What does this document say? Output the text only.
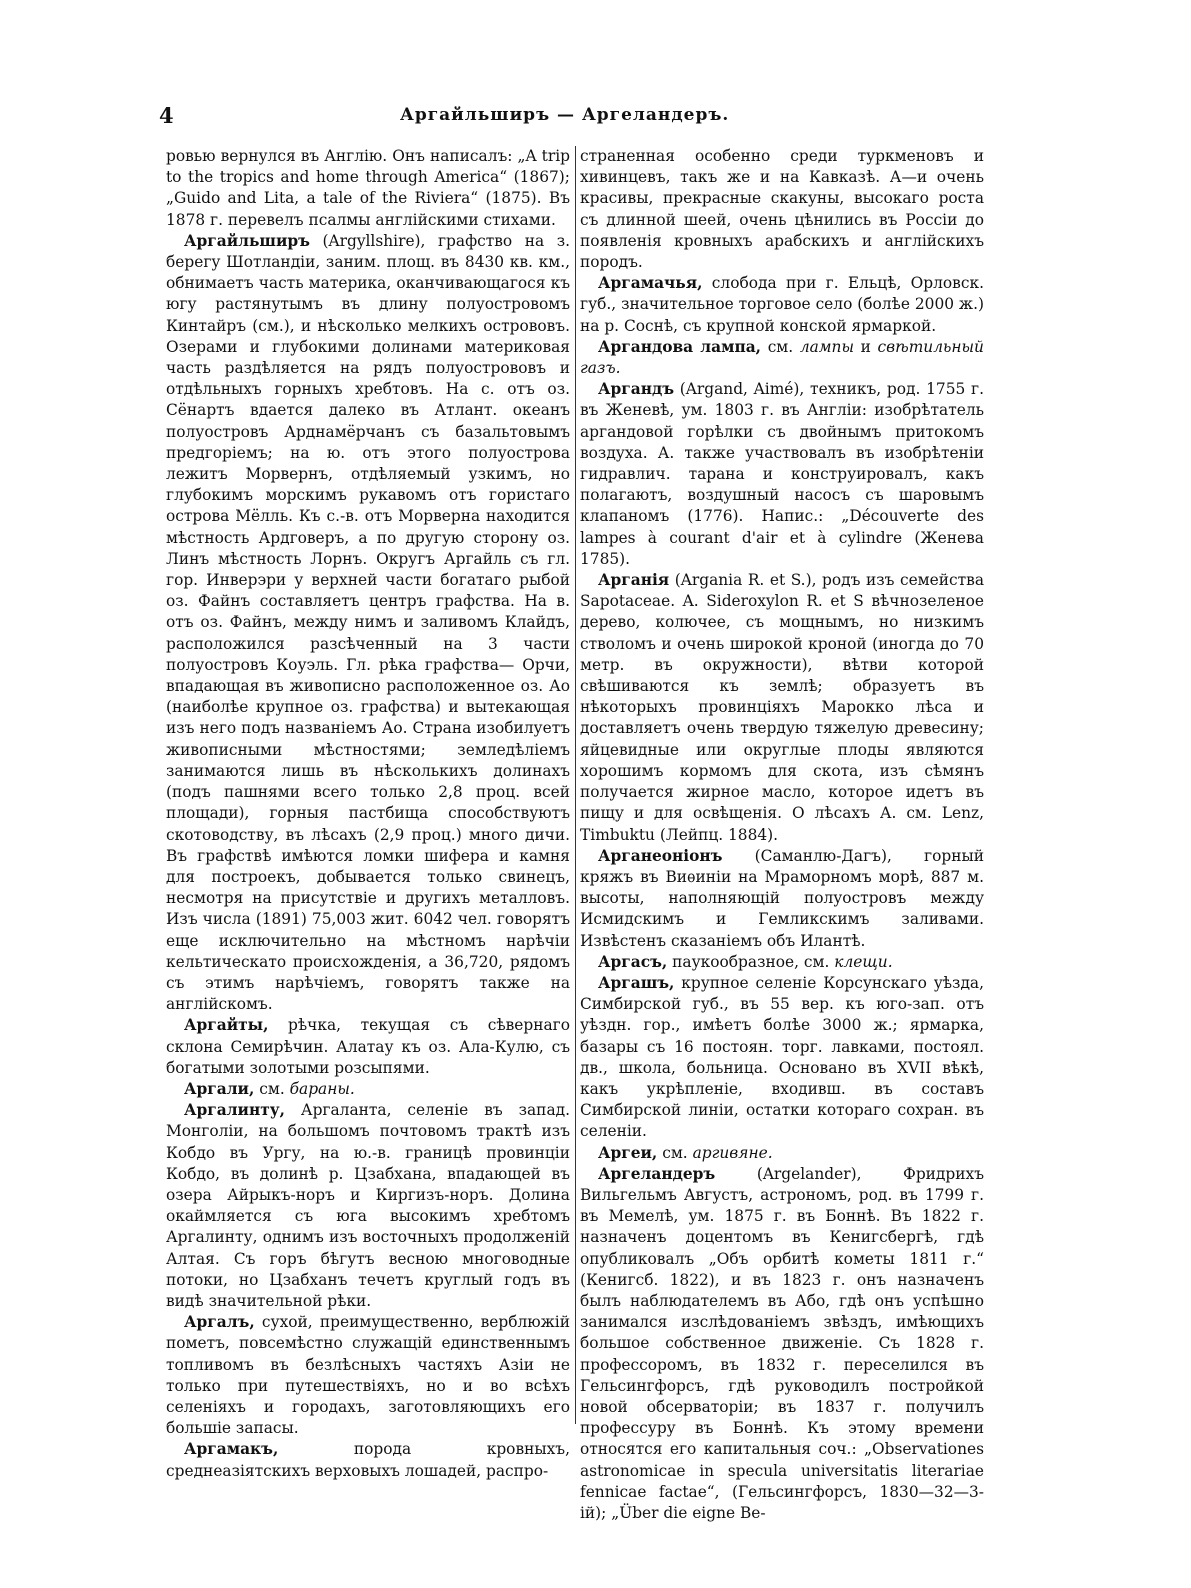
4	Аргайльширъ — Аргеландеръ.

ровью вернулся въ Англію. Онъ написалъ: „A trip to the tropics and home through America“ (1867); „Guido and Lita, a tale of the Riviera“ (1875). Въ 1878 г. перевелъ псалмы англійскими стихами.

Аргайльширъ (Argyllshire), графство на з. берегу Шотландіи, заним. площ. въ 8430 кв. км., обнимаетъ часть материка, оканчивающагося къ югу растянутымъ въ длину полуостровомъ Кинтайръ (см.), и нѣсколько мелкихъ острововъ. Озерами и глубокими долинами материковая часть раздѣляется на рядъ полуострововъ и отдѣльныхъ горныхъ хребтовъ. На с. отъ оз. Сёнартъ вдается далеко въ Атлант. океанъ полуостровъ Арднамёрчанъ съ базальтовымъ предгоріемъ; на ю. отъ этого полуострова лежитъ Морвернъ, отдѣляемый узкимъ, но глубокимъ морскимъ рукавомъ отъ гористагo острова Мёлль. Къ с.-в. отъ Морверна находится мѣстность Ардговеръ, а по другую сторону оз. Линъ мѣстность Лорнъ. Округъ Аргайль съ гл. гор. Инверэри у верхней части богатаго рыбой оз. Файнъ составляетъ центръ графства. На в. отъ оз. Файнъ, между нимъ и заливомъ Клайдъ, расположился разсѣченный на 3 части полуостровъ Коуэль. Гл. рѣка графства— Орчи, впадающая въ живописно расположенное оз. Ао (наиболѣе крупное оз. графства) и вытекающая изъ него подъ названіемъ Ао. Страна изобилуетъ живописными мѣстностями; земледѣліемъ занимаются лишь въ нѣсколькихъ долинахъ (подъ пашнями всего только 2,8 проц. всей площади), горныя пастбища способствуютъ скотоводству, въ лѣсахъ (2,9 проц.) много дичи. Въ графствѣ имѣются ломки шифера и камня для построекъ, добывается только свинецъ, несмотря на присутствіе и другихъ металловъ. Изъ числа (1891) 75,003 жит. 6042 чел. говорятъ еще исключительно на мѣстномъ нарѣчіи кельтическато происхожденія, а 36,720, рядомъ съ этимъ нарѣчіемъ, говорятъ также на англійскомъ.

Аргайты, рѣчка, текущая съ сѣвернаго склона Семирѣчин. Алатау къ оз. Ала-Кулю, съ богатыми золотыми розсыпями.

Аргали, см. бараны.

Аргалинту, Аргаланта, селеніе въ запад. Монголіи, на большомъ почтовомъ трактѣ изъ Кобдо въ Ургу, на ю.-в. границѣ провинціи Кобдо, въ долинѣ р. Цзабхана, впадающей въ озера Айрыкъ-норъ и Киргизъ-норъ. Долина окаймляется съ юга высокимъ хребтомъ Аргалинту, однимъ изъ восточныхъ продолженій Алтая. Съ горъ бѣгутъ весною многоводные потоки, но Цзабханъ течетъ круглый годъ въ видѣ значительной рѣки.

Аргалъ, сухой, преимущественно, верблюжій пометъ, повсемѣстно служащій единственнымъ топливомъ въ безлѣсныхъ частяхъ Азіи не только при путешествіяхъ, но и во всѣхъ селеніяхъ и городахъ, заготовляющихъ его большіе запасы.

Аргамакъ,	порода кровныхъ, среднеазіятскихъ верховыхъ лошадей, распро-

страненная особенно среди туркменовъ и хивинцевъ, такъ же и на Кавказѣ. А—и очень красивы, прекрасные скакуны, высокаго роста съ длинной шеей, очень цѣнились въ Россіи до появленія кровныхъ арабскихъ и англійскихъ породъ.

Аргамачья, слобода при г. Ельцѣ, Орловск. губ., значительное торговое село (болѣе 2000 ж.) на р. Соснѣ, съ крупной конской ярмаркой.

Аргандова лампа, см. лампы и свѣтильный газъ.

Аргандъ (Argand, Aimé), техникъ, род. 1755 г. въ Женевѣ, ум. 1803 г. въ Англіи: изобрѣтатель аргандовой горѣлки съ двойнымъ притокомъ воздуха. А. также участвовалъ въ изобрѣтеніи гидравлич. тарана и конструировалъ, какъ полагаютъ, воздушный насосъ съ шаровымъ клапаномъ (1776). Напис.: „Découverte des lampes à courant d'air et à cylindre (Женева 1785).

Арганія (Argania R. et S.), родъ изъ семейства Sapotaceae. A. Sideroxylon R. et S вѣчнозеленое дерево, колючее, съ мощнымъ, но низкимъ стволомъ и очень широкой кроной (иногда до 70 метр. въ окружности), вѣтви которой свѣшиваются къ землѣ; образуетъ въ нѣкоторыхъ провинціяхъ Марокко лѣса и доставляетъ очень твердую тяжелую древесину; яйцевидные или округлые плоды являются хорошимъ кормомъ для скота, изъ сѣмянъ получается жирное масло, которое идетъ въ пищу и для освѣщенія. О лѣсахъ А. см. Lenz, Timbuktu (Лейпц. 1884).

Арганеоніонъ (Саманлю-Дагъ), горный кряжъ въ Виѳиніи на Мраморномъ морѣ, 887 м. высоты, наполняющій полуостровъ между Исмидскимъ и Гемликскимъ заливами. Извѣстенъ сказаніемъ объ Илантѣ.

Аргасъ, паукообразное, см. клещи.

Аргашъ, крупное селеніе Корсунскаго уѣзда, Симбирской губ., въ 55 вер. къ юго-зап. отъ уѣздн. гор., имѣетъ болѣе 3000 ж.; ярмарка, базары съ 16 постоян. торг. лавками, постоял. дв., школа, больница. Основано въ XVII вѣкѣ, какъ укрѣпленіе, входивш. въ составъ Симбирской линіи, остатки котораго сохран. въ селеніи.

Аргеи, см. аргивяне.

Аргеландеръ	(Argelander), Фридрихъ Вильгельмъ Августъ, астрономъ, род. въ 1799 г. въ Мемелѣ, ум. 1875 г. въ Боннѣ. Въ 1822 г. назначенъ доцентомъ въ Кенигсбергѣ, гдѣ опубликовалъ „Объ орбитѣ кометы 1811 г.“ (Кенигсб. 1822), и въ 1823 г. онъ назначенъ былъ наблюдателемъ въ Або, гдѣ онъ успѣшно занимался изслѣдованіемъ звѣздъ, имѣющихъ большое собственное движеніе. Съ 1828 г. профессоромъ, въ 1832 г. переселился въ Гельсингфорсъ, гдѣ руководилъ постройкой новой обсерваторіи; въ 1837 г. получилъ профессуру въ Боннѣ. Къ этому времени относятся его капитальныя соч.: „Observationes astronomicae in specula universitatis literariae fennicae factae“, (Гельсингфорсъ, 1830—32—3-ій); „Über die eigne Be-
